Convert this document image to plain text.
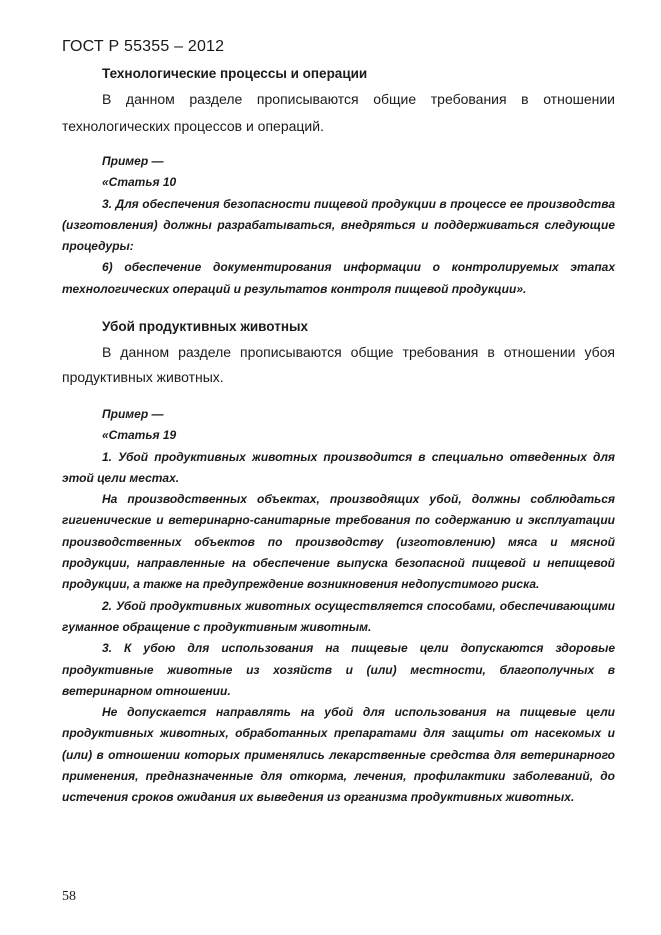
ГОСТ Р 55355 – 2012

Технологические процессы и операции

В данном разделе прописываются общие требования в отношении технологических процессов и операций.

Пример —

«Статья 10

3. Для обеспечения безопасности пищевой продукции в процессе ее производства (изготовления) должны разрабатываться, внедряться и поддерживаться следующие процедуры:

6) обеспечение документирования информации о контролируемых этапах технологических операций и результатов контроля пищевой продукции».

Убой продуктивных животных

В данном разделе прописываются общие требования в отношении убоя продуктивных животных.

Пример —

«Статья 19

1. Убой продуктивных животных производится в специально отведенных для этой цели местах.

На производственных объектах, производящих убой, должны соблюдаться гигиенические и ветеринарно-санитарные требования по содержанию и эксплуатации производственных объектов по производству (изготовлению) мяса и мясной продукции, направленные на обеспечение выпуска безопасной пищевой и непищевой продукции, а также на предупреждение возникновения недопустимого риска.

2. Убой продуктивных животных осуществляется способами, обеспечивающими гуманное обращение с продуктивным животным.

3. К убою для использования на пищевые цели допускаются здоровые продуктивные животные из хозяйств и (или) местности, благополучных в ветеринарном отношении.

Не допускается направлять на убой для использования на пищевые цели продуктивных животных, обработанных препаратами для защиты от насекомых и (или) в отношении которых применялись лекарственные средства для ветеринарного применения, предназначенные для откорма, лечения, профилактики заболеваний, до истечения сроков ожидания их выведения из организма продуктивных животных.

58
